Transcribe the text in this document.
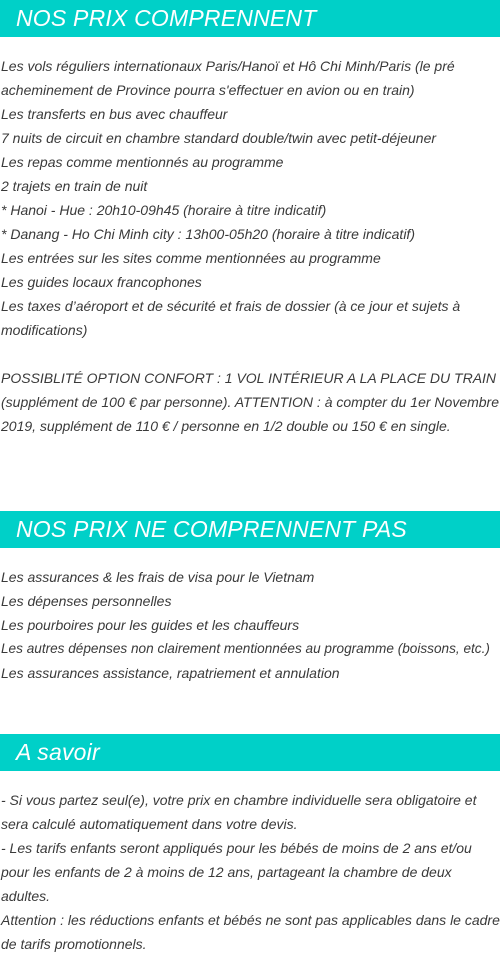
NOS PRIX COMPRENNENT

Les vols réguliers internationaux Paris/Hanoï et Hô Chi Minh/Paris (le pré acheminement de Province pourra s'effectuer en avion ou en train)

Les transferts en bus avec chauffeur

7 nuits de circuit en chambre standard double/twin avec petit-déjeuner

Les repas comme mentionnés au programme

2 trajets en train de nuit

* Hanoi - Hue : 20h10-09h45 (horaire à titre indicatif)

* Danang - Ho Chi Minh city : 13h00-05h20 (horaire à titre indicatif)

Les entrées sur les sites comme mentionnées au programme

Les guides locaux francophones

Les taxes d’aéroport et de sécurité et frais de dossier (à ce jour et sujets à modifications)

POSSIBLITÉ OPTION CONFORT : 1 VOL INTÉRIEUR A LA PLACE DU TRAIN (supplément de 100 € par personne). ATTENTION : à compter du 1er Novembre 2019, supplément de 110 € / personne en 1/2 double ou 150 € en single.

NOS PRIX NE COMPRENNENT PAS

Les assurances & les frais de visa pour le Vietnam

Les dépenses personnelles

Les pourboires pour les guides et les chauffeurs

Les autres dépenses non clairement mentionnées au programme (boissons, etc.)

Les assurances assistance, rapatriement et annulation

A savoir

- Si vous partez seul(e), votre prix en chambre individuelle sera obligatoire et sera calculé automatiquement dans votre devis.

- Les tarifs enfants seront appliqués pour les bébés de moins de 2 ans et/ou pour les enfants de 2 à moins de 12 ans, partageant la chambre de deux adultes.

Attention : les réductions enfants et bébés ne sont pas applicables dans le cadre de tarifs promotionnels.
